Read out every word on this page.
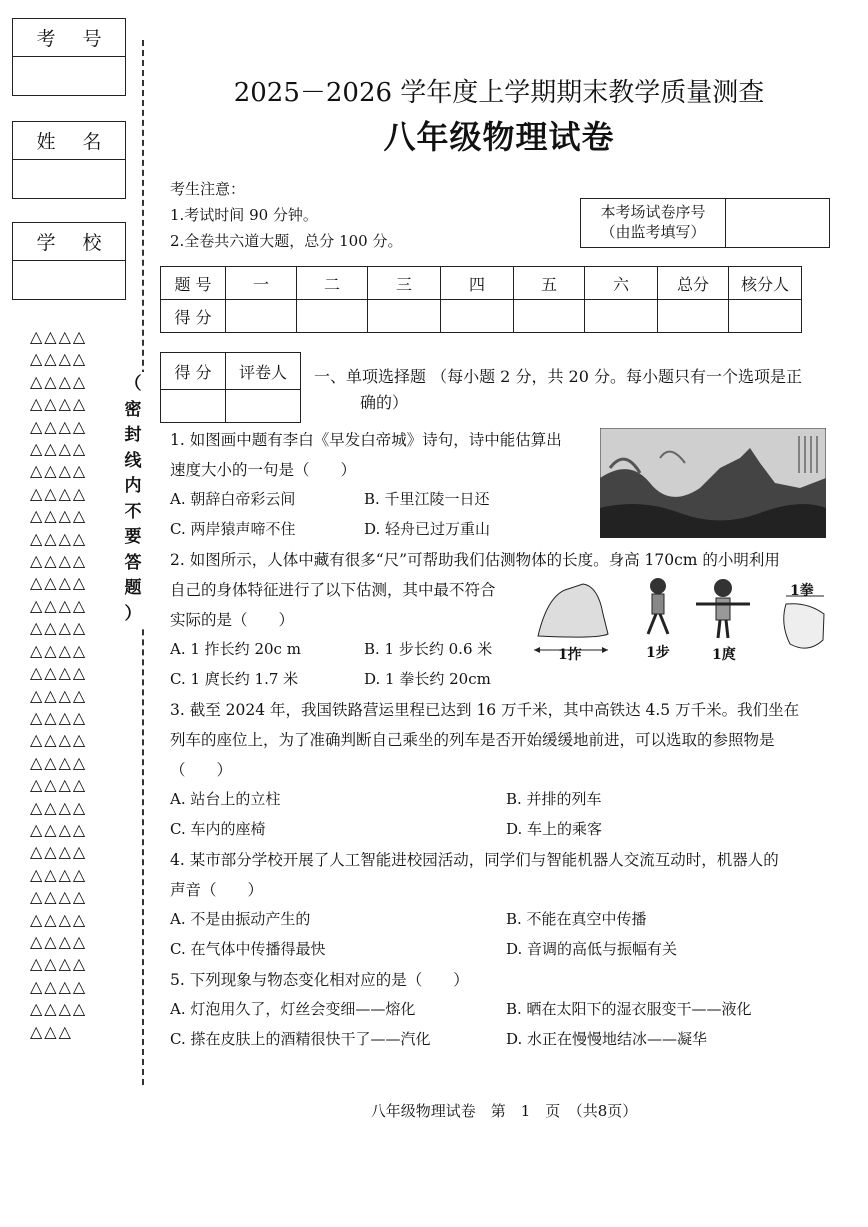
考 号
姓 名
学 校
△△△△
△△△△
△△△△
△△△△
△△△△
△△△△
△△△△
△△△△
△△△△
△△△△
△△△△
△△△△
△△△△
△△△△
△△△△
△△△△
△△△△
△△△△
△△△△
△△△△
△△△△
△△△△
△△△△
△△△△
△△△△
△△△△
△△△△
△△△△
△△△△
△△△△
△△△△
△△△
（
密
封
线
内
不
要
答
题
）
2025－2026 学年度上学期期末教学质量测查
八年级物理试卷
考生注意：
1.考试时间 90 分钟。
2.全卷共六道大题，总分 100 分。
本考场试卷序号
（由监考填写）
题 号	一	二	三	四	五	六	总分	核分人
得 分								
得 分	评卷人
	一、单项选择题 （每小题 2 分，共 20 分。每小题只有一个选项是正
确的）
1. 如图画中题有李白《早发白帝城》诗句，诗中能估算出
速度大小的一句是（　　）
A. 朝辞白帝彩云间	B. 千里江陵一日还
C. 两岸猿声啼不住	D. 轻舟已过万重山
2. 如图所示，人体中藏有很多“尺”可帮助我们估测物体的长度。身高 170cm 的小明利用
自己的身体特征进行了以下估测，其中最不符合
实际的是（　　）
A. 1 拃长约 20c m	B. 1 步长约 0.6 米
C. 1 庹长约 1.7 米	D. 1 拳长约 20cm
1拃	1步	1庹
1拳
3. 截至 2024 年，我国铁路营运里程已达到 16 万千米，其中高铁达 4.5 万千米。我们坐在
列车的座位上，为了准确判断自己乘坐的列车是否开始缓缓地前进，可以选取的参照物是
（　　）
A. 站台上的立柱	B. 并排的列车
C. 车内的座椅	D. 车上的乘客
4. 某市部分学校开展了人工智能进校园活动，同学们与智能机器人交流互动时，机器人的
声音（　　）
A. 不是由振动产生的	B. 不能在真空中传播
C. 在气体中传播得最快	D. 音调的高低与振幅有关
5. 下列现象与物态变化相对应的是（　　）
A. 灯泡用久了，灯丝会变细——熔化	B. 晒在太阳下的湿衣服变干——液化
C. 搽在皮肤上的酒精很快干了——汽化	D. 水正在慢慢地结冰——凝华
八年级物理试卷　第　1　页　（共8页）
